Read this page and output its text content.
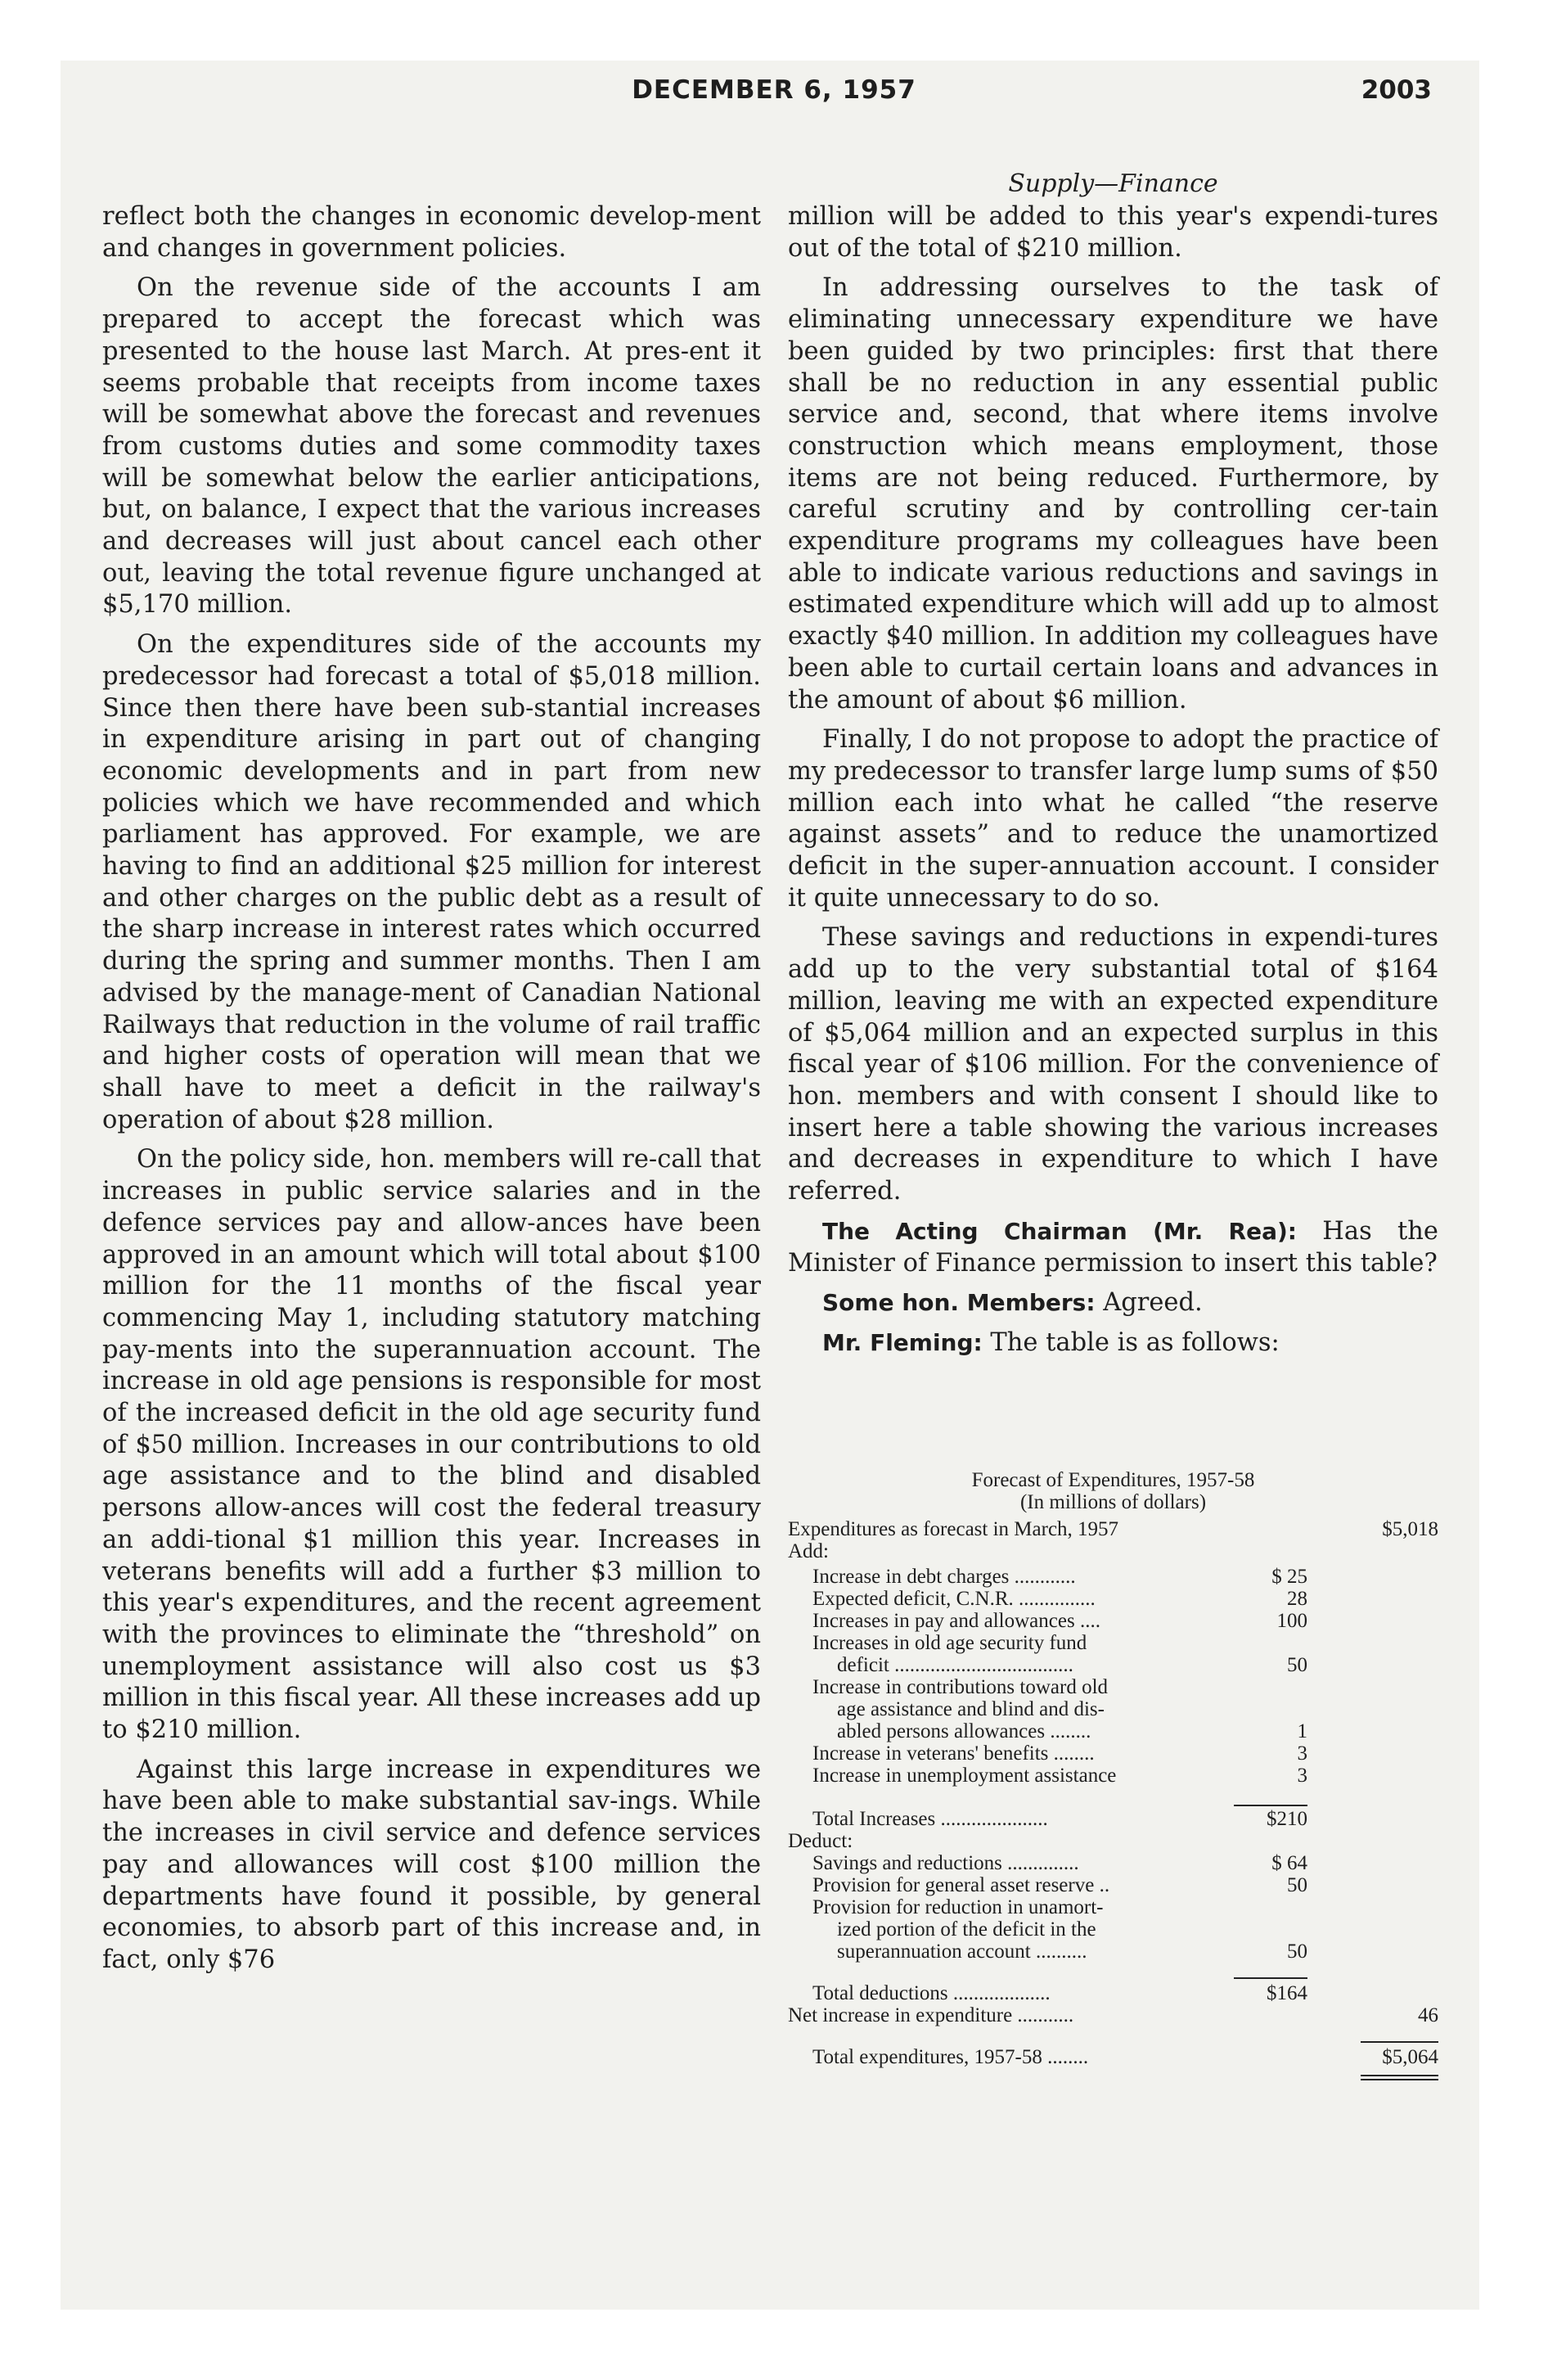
DECEMBER 6, 1957	2003

reflect both the changes in economic develop-ment and changes in government policies.

On the revenue side of the accounts I am prepared to accept the forecast which was presented to the house last March. At pres-ent it seems probable that receipts from income taxes will be somewhat above the forecast and revenues from customs duties and some commodity taxes will be somewhat below the earlier anticipations, but, on balance, I expect that the various increases and decreases will just about cancel each other out, leaving the total revenue figure unchanged at $5,170 million.

On the expenditures side of the accounts my predecessor had forecast a total of $5,018 million. Since then there have been sub-stantial increases in expenditure arising in part out of changing economic developments and in part from new policies which we have recommended and which parliament has approved. For example, we are having to find an additional $25 million for interest and other charges on the public debt as a result of the sharp increase in interest rates which occurred during the spring and summer months. Then I am advised by the manage-ment of Canadian National Railways that reduction in the volume of rail traffic and higher costs of operation will mean that we shall have to meet a deficit in the railway's operation of about $28 million.

On the policy side, hon. members will re-call that increases in public service salaries and in the defence services pay and allow-ances have been approved in an amount which will total about $100 million for the 11 months of the fiscal year commencing May 1, including statutory matching pay-ments into the superannuation account. The increase in old age pensions is responsible for most of the increased deficit in the old age security fund of $50 million. Increases in our contributions to old age assistance and to the blind and disabled persons allow-ances will cost the federal treasury an addi-tional $1 million this year. Increases in veterans benefits will add a further $3 million to this year's expenditures, and the recent agreement with the provinces to eliminate the “threshold” on unemployment assistance will also cost us $3 million in this fiscal year. All these increases add up to $210 million.

Against this large increase in expenditures we have been able to make substantial sav-ings. While the increases in civil service and defence services pay and allowances will cost $100 million the departments have found it possible, by general economies, to absorb part of this increase and, in fact, only $76

Supply—Finance

million will be added to this year's expendi-tures out of the total of $210 million.

In addressing ourselves to the task of eliminating unnecessary expenditure we have been guided by two principles: first that there shall be no reduction in any essential public service and, second, that where items involve construction which means employment, those items are not being reduced. Furthermore, by careful scrutiny and by controlling cer-tain expenditure programs my colleagues have been able to indicate various reductions and savings in estimated expenditure which will add up to almost exactly $40 million. In addition my colleagues have been able to curtail certain loans and advances in the amount of about $6 million.

Finally, I do not propose to adopt the practice of my predecessor to transfer large lump sums of $50 million each into what he called “the reserve against assets” and to reduce the unamortized deficit in the super-annuation account. I consider it quite unnecessary to do so.

These savings and reductions in expendi-tures add up to the very substantial total of $164 million, leaving me with an expected expenditure of $5,064 million and an expected surplus in this fiscal year of $106 million. For the convenience of hon. members and with consent I should like to insert here a table showing the various increases and decreases in expenditure to which I have referred.

The Acting Chairman (Mr. Rea): Has the Minister of Finance permission to insert this table?

Some hon. Members: Agreed.

Mr. Fleming: The table is as follows:

Forecast of Expenditures, 1957-58
(In millions of dollars)
Expenditures as forecast in March, 1957	$5,018
Add:
Increase in debt charges ............	$ 25
Expected deficit, C.N.R. ...............	28
Increases in pay and allowances ....	100
Increases in old age security fund
deficit ...................................	50
Increase in contributions toward old
age assistance and blind and dis-
abled persons allowances ........	1
Increase in veterans' benefits ........	3
Increase in unemployment assistance	3
Total Increases .....................	$210
Deduct:
Savings and reductions ..............	$ 64
Provision for general asset reserve ..	50
Provision for reduction in unamort-
ized portion of the deficit in the
superannuation account ..........	50
Total deductions ...................	$164
Net increase in expenditure ...........	46
Total expenditures, 1957-58 ........	$5,064
